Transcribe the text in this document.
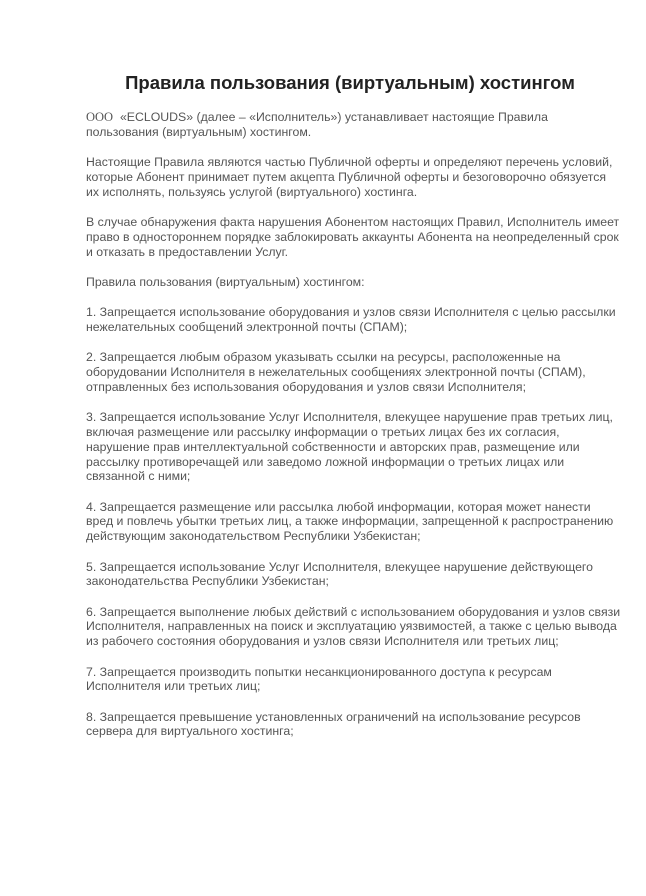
Правила пользования (виртуальным) хостингом

ООО «ECLOUDS» (далее – «Исполнитель») устанавливает настоящие Правила пользования (виртуальным) хостингом.

Настоящие Правила являются частью Публичной оферты и определяют перечень условий, которые Абонент принимает путем акцепта Публичной оферты и безоговорочно обязуется их исполнять, пользуясь услугой (виртуального) хостинга.

В случае обнаружения факта нарушения Абонентом настоящих Правил, Исполнитель имеет право в одностороннем порядке заблокировать аккаунты Абонента на неопределенный срок и отказать в предоставлении Услуг.

Правила пользования (виртуальным) хостингом:

1. Запрещается использование оборудования и узлов связи Исполнителя с целью рассылки нежелательных сообщений электронной почты (СПАМ);

2. Запрещается любым образом указывать ссылки на ресурсы, расположенные на оборудовании Исполнителя в нежелательных сообщениях электронной почты (СПАМ), отправленных без использования оборудования и узлов связи Исполнителя;

3. Запрещается использование Услуг Исполнителя, влекущее нарушение прав третьих лиц, включая размещение или рассылку информации о третьих лицах без их согласия, нарушение прав интеллектуальной собственности и авторских прав, размещение или рассылку противоречащей или заведомо ложной информации о третьих лицах или связанной с ними;

4. Запрещается размещение или рассылка любой информации, которая может нанести вред и повлечь убытки третьих лиц, а также информации, запрещенной к распространению действующим законодательством Республики Узбекистан;

5. Запрещается использование Услуг Исполнителя, влекущее нарушение действующего законодательства Республики Узбекистан;

6. Запрещается выполнение любых действий с использованием оборудования и узлов связи Исполнителя, направленных на поиск и эксплуатацию уязвимостей, а также с целью вывода из рабочего состояния оборудования и узлов связи Исполнителя или третьих лиц;

7. Запрещается производить попытки несанкционированного доступа к ресурсам Исполнителя или третьих лиц;

8. Запрещается превышение установленных ограничений на использование ресурсов сервера для виртуального хостинга;
